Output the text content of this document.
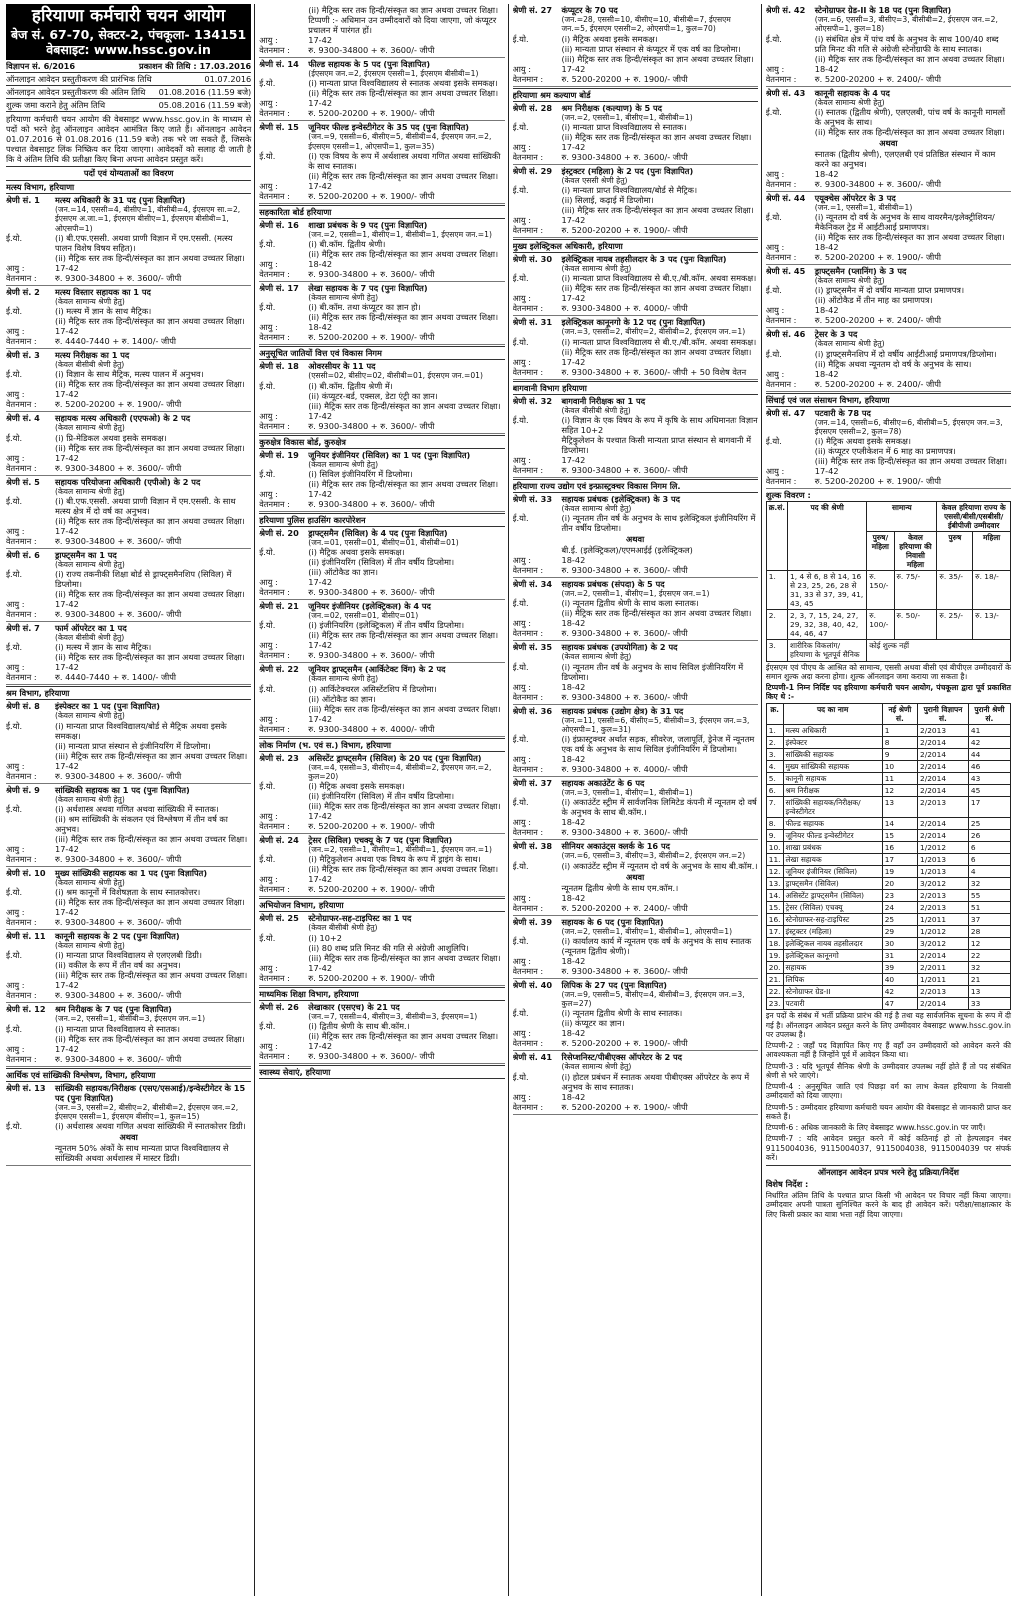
हरियाणा कर्मचारी चयन आयोग
बेज सं. 67-70, सेक्टर-2, पंचकूला- 134151
वेबसाइट: www.hssc.gov.in
विज्ञापन सं. 6/2016	प्रकाशन की तिथि : 17.03.2016
ऑनलाइन आवेदन प्रस्तुतीकरण की प्रारंभिक तिथि	01.07.2016
ऑनलाइन आवेदन प्रस्तुतीकरण की अंतिम तिथि 01.08.2016 (11.59 बजे)
शुल्क जमा कराने हेतु अंतिम तिथि	05.08.2016 (11.59 बजे)
हरियाणा कर्मचारी चयन आयोग की वेबसाइट www.hssc.gov.in के माध्यम से पदों को भरने हेतु ऑनलाइन आवेदन आमंत्रित किए जाते हैं। ऑनलाइन आवेदन 01.07.2016 से 01.08.2016 (11.59 बजे) तक भरे जा सकते हैं, जिसके पश्चात वेबसाइट लिंक निष्क्रिय कर दिया जाएगा। आवेदकों को सलाह दी जाती है कि वे अंतिम तिथि की प्रतीक्षा किए बिना अपना आवेदन प्रस्तुत करें।
पदों एवं योग्यताओं का विवरण
मत्स्य विभाग, हरियाणा
श्रेणी सं. 1	मत्स्य अधिकारी के 31 पद (पुनः विज्ञापित)
(जन.=14, एससी=4, बीसीए=1, बीसीबी=4, ईएसएम सा.=2, ईएसएम अ.जा.=1, ईएसएम बीसीए=1, ईएसएम बीसीबी=1, ओएसपी=1)
ई.यो.	(i) बी.एफ.एससी. अथवा प्राणी विज्ञान में एम.एससी. (मत्स्य पालन विशेष विषय सहित)।
(ii) मैट्रिक स्तर तक हिन्दी/संस्कृत का ज्ञान अथवा उच्चतर शिक्षा।
आयु :	17-42
वेतनमान :	रु. 9300-34800 + रु. 3600/- जीपी
श्रेणी सं. 2	मत्स्य विस्तार सहायक का 1 पद
(केवल सामान्य श्रेणी हेतु)
ई.यो.	(i) मत्स्य में ज्ञान के साथ मैट्रिक।
(ii) मैट्रिक स्तर तक हिन्दी/संस्कृत का ज्ञान अथवा उच्चतर शिक्षा।
आयु :	17-42
वेतनमान :	रु. 4440-7440 + रु. 1400/- जीपी
श्रेणी सं. 3	मत्स्य निरीक्षक का 1 पद
(केवल बीसीबी श्रेणी हेतु)
ई.यो.	(i) विज्ञान के साथ मैट्रिक, मत्स्य पालन में अनुभव।
(ii) मैट्रिक स्तर तक हिन्दी/संस्कृत का ज्ञान अथवा उच्चतर शिक्षा।
आयु :	17-42
वेतनमान :	रु. 5200-20200 + रु. 1900/- जीपी
श्रेणी सं. 4	सहायक मत्स्य अधिकारी (एएफओ) के 2 पद
(केवल सामान्य श्रेणी हेतु)
ई.यो.	(i) प्रि-मेडिकल अथवा इसके समकक्ष।
(ii) मैट्रिक स्तर तक हिन्दी/संस्कृत का ज्ञान अथवा उच्चतर शिक्षा।
आयु :	17-42
वेतनमान :	रु. 9300-34800 + रु. 3600/- जीपी
श्रेणी सं. 5	सहायक परियोजना अधिकारी (एपीओ) के 2 पद
(केवल सामान्य श्रेणी हेतु)
ई.यो.	(i) बी.एफ.एससी. अथवा प्राणी विज्ञान में एम.एससी. के साथ मत्स्य क्षेत्र में दो वर्ष का अनुभव।
(ii) मैट्रिक स्तर तक हिन्दी/संस्कृत का ज्ञान अथवा उच्चतर शिक्षा।
आयु :	17-42
वेतनमान :	रु. 9300-34800 + रु. 3600/- जीपी
श्रेणी सं. 6	ड्राफ्ट्समैन का 1 पद
(केवल सामान्य श्रेणी हेतु)
ई.यो.	(i) राज्य तकनीकी शिक्षा बोर्ड से ड्राफ्ट्समैनशिप (सिविल) में डिप्लोमा।
(ii) मैट्रिक स्तर तक हिन्दी/संस्कृत का ज्ञान अथवा उच्चतर शिक्षा।
आयु :	17-42
वेतनमान :	रु. 9300-34800 + रु. 3600/- जीपी
श्रेणी सं. 7	फार्म ऑपरेटर का 1 पद
(केवल बीसीबी श्रेणी हेतु)
ई.यो.	(i) मत्स्य में ज्ञान के साथ मैट्रिक।
(ii) मैट्रिक स्तर तक हिन्दी/संस्कृत का ज्ञान अथवा उच्चतर शिक्षा।
आयु :	17-42
वेतनमान :	रु. 4440-7440 + रु. 1400/- जीपी
श्रम विभाग, हरियाणा
श्रेणी सं. 8	इंस्पेक्टर का 1 पद (पुनः विज्ञापित)
(केवल सामान्य श्रेणी हेतु)
ई.यो.	(i) मान्यता प्राप्त विश्वविद्यालय/बोर्ड से मैट्रिक अथवा इसके समकक्ष।
(ii) मान्यता प्राप्त संस्थान से इंजीनियरिंग में डिप्लोमा।
(iii) मैट्रिक स्तर तक हिन्दी/संस्कृत का ज्ञान अथवा उच्चतर शिक्षा।
आयु :	17-42
वेतनमान :	रु. 9300-34800 + रु. 3600/- जीपी
श्रेणी सं. 9	सांख्यिकी सहायक का 1 पद (पुनः विज्ञापित)
(केवल सामान्य श्रेणी हेतु)
ई.यो.	(i) अर्थशास्त्र अथवा गणित अथवा सांख्यिकी में स्नातक।
(ii) श्रम सांख्यिकी के संकलन एवं विश्लेषण में तीन वर्ष का अनुभव।
(iii) मैट्रिक स्तर तक हिन्दी/संस्कृत का ज्ञान अथवा उच्चतर शिक्षा।
आयु :	17-42
वेतनमान :	रु. 9300-34800 + रु. 3600/- जीपी
श्रेणी सं. 10	मुख्य सांख्यिकी सहायक का 1 पद (पुनः विज्ञापित)
(केवल सामान्य श्रेणी हेतु)
ई.यो.	(i) श्रम कानूनों में विशेषज्ञता के साथ स्नातकोत्तर।
(ii) मैट्रिक स्तर तक हिन्दी/संस्कृत का ज्ञान अथवा उच्चतर शिक्षा।
आयु :	17-42
वेतनमान :	रु. 9300-34800 + रु. 3600/- जीपी
श्रेणी सं. 11	कानूनी सहायक के 2 पद (पुनः विज्ञापित)
(केवल सामान्य श्रेणी हेतु)
ई.यो.	(i) मान्यता प्राप्त विश्वविद्यालय से एलएलबी डिग्री।
(ii) वकील के रूप में तीन वर्ष का अनुभव।
(iii) मैट्रिक स्तर तक हिन्दी/संस्कृत का ज्ञान अथवा उच्चतर शिक्षा।
आयु :	17-42
वेतनमान :	रु. 9300-34800 + रु. 3600/- जीपी
श्रेणी सं. 12	श्रम निरीक्षक के 7 पद (पुनः विज्ञापित)
(जन.=2, एससी=1, बीसीबी=3, ईएसएम जन.=1)
ई.यो.	(i) मान्यता प्राप्त विश्वविद्यालय से स्नातक।
(ii) मैट्रिक स्तर तक हिन्दी/संस्कृत का ज्ञान अथवा उच्चतर शिक्षा।
आयु :	17-42
वेतनमान :	रु. 9300-34800 + रु. 3600/- जीपी
आर्थिक एवं सांख्यिकी विश्लेषण, विभाग, हरियाणा
श्रेणी सं. 13	सांख्यिकी सहायक/निरीक्षक (एसए/एसआई)/इन्वेस्टीगेटर के 15 पद (पुनः विज्ञापित)
(जन.=3, एससी=2, बीसीए=2, बीसीबी=2, ईएसएम जन.=2, ईएसएम एससी=1, ईएसएम बीसीए=1, कुल=15)
ई.यो.	(i) अर्थशास्त्र अथवा गणित अथवा सांख्यिकी में स्नातकोत्तर डिग्री।
अथवा
न्यूनतम 50% अंकों के साथ मान्यता प्राप्त विश्वविद्यालय से सांख्यिकी अथवा अर्थशास्त्र में मास्टर डिग्री।
(ii) मैट्रिक स्तर तक हिन्दी/संस्कृत का ज्ञान अथवा उच्चतर शिक्षा।
टिप्पणी :- अधिमान उन उम्मीदवारों को दिया जाएगा, जो कंप्यूटर प्रचालन में पारंगत हों।
आयु :	17-42
वेतनमान :	रु. 9300-34800 + रु. 3600/- जीपी
श्रेणी सं. 14	फील्ड सहायक के 5 पद (पुनः विज्ञापित)
(ईएसएम जन.=2, ईएसएम एससी=1, ईएसएम बीसीबी=1)
ई.यो.	(i) मान्यता प्राप्त विश्वविद्यालय से स्नातक अथवा इसके समकक्ष।
(ii) मैट्रिक स्तर तक हिन्दी/संस्कृत का ज्ञान अथवा उच्चतर शिक्षा।
आयु :	17-42
वेतनमान :	रु. 5200-20200 + रु. 1900/- जीपी
श्रेणी सं. 15	जूनियर फील्ड इन्वेस्टीगेटर के 35 पद (पुनः विज्ञापित)
(जन.=9, एससी=6, बीसीए=5, बीसीबी=4, ईएसएम जन.=2, ईएसएम एससी=1, ओएसपी=1, कुल=35)
ई.यो.	(i) एक विषय के रूप में अर्थशास्त्र अथवा गणित अथवा सांख्यिकी के साथ स्नातक।
(ii) मैट्रिक स्तर तक हिन्दी/संस्कृत का ज्ञान अथवा उच्चतर शिक्षा।
आयु :	17-42
वेतनमान :	रु. 5200-20200 + रु. 1900/- जीपी
सहकारिता बोर्ड हरियाणा
श्रेणी सं. 16	शाखा प्रबंधक के 9 पद (पुनः विज्ञापित)
(जन.=2, एससी=1, बीसीए=1, बीसीबी=1, ईएसएम जन.=1)
ई.यो.	(i) बी.कॉम. द्वितीय श्रेणी।
(ii) मैट्रिक स्तर तक हिन्दी/संस्कृत का ज्ञान अथवा उच्चतर शिक्षा।
आयु :	18-42
वेतनमान :	रु. 9300-34800 + रु. 3600/- जीपी
श्रेणी सं. 17	लेखा सहायक के 7 पद (पुनः विज्ञापित)
(केवल सामान्य श्रेणी हेतु)
ई.यो.	(i) बी.कॉम. तथा कंप्यूटर का ज्ञान हो।
(ii) मैट्रिक स्तर तक हिन्दी/संस्कृत का ज्ञान अथवा उच्चतर शिक्षा।
आयु :	18-42
वेतनमान :	रु. 5200-20200 + रु. 1900/- जीपी
अनुसूचित जातियों वित्त एवं विकास निगम
श्रेणी सं. 18	ओवरसीयर के 11 पद
(एससी=02, बीसीए=02, बीसीबी=01, ईएसएम जन.=01)
ई.यो.	(i) बी.कॉम. द्वितीय श्रेणी में।
(ii) कंप्यूटर-बर्ड, एक्सल, डेटा एंट्री का ज्ञान।
(iii) मैट्रिक स्तर तक हिन्दी/संस्कृत का ज्ञान अथवा उच्चतर शिक्षा।
आयु :	17-42
वेतनमान :	रु. 9300-34800 + रु. 3600/- जीपी
कुरुक्षेत्र विकास बोर्ड, कुरुक्षेत्र
श्रेणी सं. 19	जूनियर इंजीनियर (सिविल) का 1 पद (पुनः विज्ञापित)
(केवल सामान्य श्रेणी हेतु)
ई.यो.	(i) सिविल इंजीनियरिंग में डिप्लोमा।
(ii) मैट्रिक स्तर तक हिन्दी/संस्कृत का ज्ञान अथवा उच्चतर शिक्षा।
आयु :	17-42
वेतनमान :	रु. 9300-34800 + रु. 3600/- जीपी
हरियाणा पुलिस हाउसिंग कारपोरेशन
श्रेणी सं. 20	ड्राफ्ट्समैन (सिविल) के 4 पद (पुनः विज्ञापित)
(जन.=01, एससी=01, बीसीए=01, बीसीबी=01)
ई.यो.	(i) मैट्रिक अथवा इसके समकक्ष।
(ii) इंजीनियरिंग (सिविल) में तीन वर्षीय डिप्लोमा।
(iii) ऑटोकैड का ज्ञान।
आयु :	17-42
वेतनमान :	रु. 9300-34800 + रु. 3600/- जीपी
श्रेणी सं. 21	जूनियर इंजीनियर (इलेक्ट्रिकल) के 4 पद
(जन.=02, एससी=01, बीसीए=01)
ई.यो.	(i) इंजीनियरिंग (इलेक्ट्रिकल) में तीन वर्षीय डिप्लोमा।
(ii) मैट्रिक स्तर तक हिन्दी/संस्कृत का ज्ञान अथवा उच्चतर शिक्षा।
आयु :	17-42
वेतनमान :	रु. 9300-34800 + रु. 3600/- जीपी
श्रेणी सं. 22	जूनियर ड्राफ्ट्समैन (आर्किटेक्ट विंग) के 2 पद
(केवल सामान्य श्रेणी हेतु)
ई.यो.	(i) आर्किटेक्चरल असिस्टेंटशिप में डिप्लोमा।
(ii) ऑटोकैड का ज्ञान।
(iii) मैट्रिक स्तर तक हिन्दी/संस्कृत का ज्ञान अथवा उच्चतर शिक्षा।
आयु :	17-42
वेतनमान :	रु. 9300-34800 + रु. 4000/- जीपी
लोक निर्माण (भ. एवं स.) विभाग, हरियाणा
श्रेणी सं. 23	असिस्टेंट ड्राफ्ट्समैन (सिविल) के 20 पद (पुनः विज्ञापित)
(जन.=4, एससी=3, बीसीए=4, बीसीबी=2, ईएसएम जन.=2, कुल=20)
ई.यो.	(i) मैट्रिक अथवा इसके समकक्ष।
(ii) इंजीनियरिंग (सिविल) में तीन वर्षीय डिप्लोमा।
(iii) मैट्रिक स्तर तक हिन्दी/संस्कृत का ज्ञान अथवा उच्चतर शिक्षा।
आयु :	17-42
वेतनमान :	रु. 5200-20200 + रु. 1900/- जीपी
श्रेणी सं. 24	ट्रेसर (सिविल) एचक्यू के 7 पद (पुनः विज्ञापित)
(जन.=2, एससी=1, बीसीए=1, बीसीबी=1, ईएसएम जन.=1)
ई.यो.	(i) मैट्रिकुलेशन अथवा एक विषय के रूप में ड्राइंग के साथ।
(ii) मैट्रिक स्तर तक हिन्दी/संस्कृत का ज्ञान अथवा उच्चतर शिक्षा।
आयु :	17-42
वेतनमान :	रु. 5200-20200 + रु. 1900/- जीपी
अभियोजन विभाग, हरियाणा
श्रेणी सं. 25	स्टेनोग्राफर-सह-टाइपिस्ट का 1 पद
(केवल बीसीबी श्रेणी हेतु)
ई.यो.	(i) 10+2
(ii) 80 शब्द प्रति मिनट की गति से अंग्रेजी आशुलिपि।
(iii) मैट्रिक स्तर तक हिन्दी/संस्कृत का ज्ञान अथवा उच्चतर शिक्षा।
आयु :	17-42
वेतनमान :	रु. 5200-20200 + रु. 1900/- जीपी
माध्यमिक शिक्षा विभाग, हरियाणा
श्रेणी सं. 26	लेखाकार (एसएच) के 21 पद
(जन.=7, एससी=4, बीसीए=3, बीसीबी=3, ईएसएम=1)
ई.यो.	(i) द्वितीय श्रेणी के साथ बी.कॉम.।
(ii) मैट्रिक स्तर तक हिन्दी/संस्कृत का ज्ञान अथवा उच्चतर शिक्षा।
आयु :	17-42
वेतनमान :	रु. 9300-34800 + रु. 3600/- जीपी
स्वास्थ्य सेवाएं, हरियाणा
श्रेणी सं. 27	कंप्यूटर के 70 पद
(जन.=28, एससी=10, बीसीए=10, बीसीबी=7, ईएसएम जन.=5, ईएसएम एससी=2, ओएसपी=1, कुल=70)
ई.यो.	(i) मैट्रिक अथवा इसके समकक्ष।
(ii) मान्यता प्राप्त संस्थान से कंप्यूटर में एक वर्ष का डिप्लोमा।
(iii) मैट्रिक स्तर तक हिन्दी/संस्कृत का ज्ञान अथवा उच्चतर शिक्षा।
आयु :	17-42
वेतनमान :	रु. 5200-20200 + रु. 1900/- जीपी
हरियाणा श्रम कल्याण बोर्ड
श्रेणी सं. 28	श्रम निरीक्षक (कल्याण) के 5 पद
(जन.=2, एससी=1, बीसीए=1, बीसीबी=1)
ई.यो.	(i) मान्यता प्राप्त विश्वविद्यालय से स्नातक।
(ii) मैट्रिक स्तर तक हिन्दी/संस्कृत का ज्ञान अथवा उच्चतर शिक्षा।
आयु :	17-42
वेतनमान :	रु. 9300-34800 + रु. 3600/- जीपी
श्रेणी सं. 29	इंस्ट्रक्टर (महिला) के 2 पद (पुनः विज्ञापित)
(केवल एससी श्रेणी हेतु)
ई.यो.	(i) मान्यता प्राप्त विश्वविद्यालय/बोर्ड से मैट्रिक।
(ii) सिलाई, कढ़ाई में डिप्लोमा।
(iii) मैट्रिक स्तर तक हिन्दी/संस्कृत का ज्ञान अथवा उच्चतर शिक्षा।
आयु :	17-42
वेतनमान :	रु. 5200-20200 + रु. 1900/- जीपी
मुख्य इलेक्ट्रिकल अधिकारी, हरियाणा
श्रेणी सं. 30	इलेक्ट्रिकल नायब तहसीलदार के 3 पद (पुनः विज्ञापित)
(केवल सामान्य श्रेणी हेतु)
ई.यो.	(i) मान्यता प्राप्त विश्वविद्यालय से बी.ए./बी.कॉम. अथवा समकक्ष।
(ii) मैट्रिक स्तर तक हिन्दी/संस्कृत का ज्ञान अथवा उच्चतर शिक्षा।
आयु :	17-42
वेतनमान :	रु. 9300-34800 + रु. 4000/- जीपी
श्रेणी सं. 31	इलेक्ट्रिकल कानूनगो के 12 पद (पुनः विज्ञापित)
(जन.=3, एससी=2, बीसीए=2, बीसीबी=2, ईएसएम जन.=1)
ई.यो.	(i) मान्यता प्राप्त विश्वविद्यालय से बी.ए./बी.कॉम. अथवा समकक्ष।
(ii) मैट्रिक स्तर तक हिन्दी/संस्कृत का ज्ञान अथवा उच्चतर शिक्षा।
आयु :	17-42
वेतनमान :	रु. 9300-34800 + रु. 3600/- जीपी + 50 विशेष वेतन
बागवानी विभाग हरियाणा
श्रेणी सं. 32	बागवानी निरीक्षक का 1 पद
(केवल बीसीबी श्रेणी हेतु)
ई.यो.	(i) विज्ञान के एक विषय के रूप में कृषि के साथ अधिमानतः विज्ञान सहित 10+2
मैट्रिकुलेशन के पश्चात किसी मान्यता प्राप्त संस्थान से बागवानी में डिप्लोमा।
आयु :	17-42
वेतनमान :	रु. 9300-34800 + रु. 3600/- जीपी
हरियाणा राज्य उद्योग एवं इन्फ्रास्ट्रक्चर विकास निगम लि.
श्रेणी सं. 33	सहायक प्रबंधक (इलेक्ट्रिकल) के 3 पद
(केवल सामान्य श्रेणी हेतु)
ई.यो.	(i) न्यूनतम तीन वर्ष के अनुभव के साथ इलेक्ट्रिकल इंजीनियरिंग में तीन वर्षीय डिप्लोमा।
अथवा
बी.ई. (इलेक्ट्रिकल)/एएमआईई (इलेक्ट्रिकल)
आयु :	18-42
वेतनमान :	रु. 9300-34800 + रु. 3600/- जीपी
श्रेणी सं. 34	सहायक प्रबंधक (संपदा) के 5 पद
(जन.=2, एससी=1, बीसीए=1, ईएसएम जन.=1)
ई.यो.	(i) न्यूनतम द्वितीय श्रेणी के साथ कला स्नातक।
(ii) मैट्रिक स्तर तक हिन्दी/संस्कृत का ज्ञान अथवा उच्चतर शिक्षा।
आयु :	18-42
वेतनमान :	रु. 9300-34800 + रु. 3600/- जीपी
श्रेणी सं. 35	सहायक प्रबंधक (उपयोगिता) के 2 पद
(केवल सामान्य श्रेणी हेतु)
ई.यो.	(i) न्यूनतम तीन वर्ष के अनुभव के साथ सिविल इंजीनियरिंग में डिप्लोमा।
आयु :	18-42
वेतनमान :	रु. 9300-34800 + रु. 3600/- जीपी
श्रेणी सं. 36	सहायक प्रबंधक (उद्योग क्षेत्र) के 31 पद
(जन.=11, एससी=6, बीसीए=5, बीसीबी=3, ईएसएम जन.=3, ओएसपी=1, कुल=31)
ई.यो.	(i) इंफ्रास्ट्रक्चर अर्थात सड़क, सीवरेज, जलापूर्ति, ड्रेनेज में न्यूनतम एक वर्ष के अनुभव के साथ सिविल इंजीनियरिंग में डिप्लोमा।
आयु :	18-42
वेतनमान :	रु. 9300-34800 + रु. 4000/- जीपी
श्रेणी सं. 37	सहायक अकाउंटेंट के 6 पद
(जन.=3, एससी=1, बीसीए=1, बीसीबी=1)
ई.यो.	(i) अकाउंटेंट स्ट्रीम में सार्वजनिक लिमिटेड कंपनी में न्यूनतम दो वर्ष के अनुभव के साथ बी.कॉम.।
आयु :	18-42
वेतनमान :	रु. 9300-34800 + रु. 3600/- जीपी
श्रेणी सं. 38	सीनियर अकाउंट्स क्लर्क के 16 पद
(जन.=6, एससी=3, बीसीए=3, बीसीबी=2, ईएसएम जन.=2)
ई.यो.	(i) अकाउंटेंट स्ट्रीम में न्यूनतम दो वर्ष के अनुभव के साथ बी.कॉम.।
अथवा
न्यूनतम द्वितीय श्रेणी के साथ एम.कॉम.।
आयु :	18-42
वेतनमान :	रु. 5200-20200 + रु. 2400/- जीपी
श्रेणी सं. 39	सहायक के 6 पद (पुनः विज्ञापित)
(जन.=2, एससी=1, बीसीए=1, बीसीबी=1, ओएसपी=1)
ई.यो.	(i) कार्यालय कार्य में न्यूनतम एक वर्ष के अनुभव के साथ स्नातक (न्यूनतम द्वितीय श्रेणी)।
आयु :	18-42
वेतनमान :	रु. 9300-34800 + रु. 3600/- जीपी
श्रेणी सं. 40	लिपिक के 27 पद (पुनः विज्ञापित)
(जन.=9, एससी=5, बीसीए=4, बीसीबी=3, ईएसएम जन.=3, कुल=27)
ई.यो.	(i) न्यूनतम द्वितीय श्रेणी के साथ स्नातक।
(ii) कंप्यूटर का ज्ञान।
आयु :	18-42
वेतनमान :	रु. 5200-20200 + रु. 1900/- जीपी
श्रेणी सं. 41	रिसेप्शनिस्ट/पीबीएक्स ऑपरेटर के 2 पद
(केवल सामान्य श्रेणी हेतु)
ई.यो.	(i) होटल प्रबंधन में स्नातक अथवा पीबीएक्स ऑपरेटर के रूप में अनुभव के साथ स्नातक।
आयु :	18-42
वेतनमान :	रु. 5200-20200 + रु. 1900/- जीपी
श्रेणी सं. 42	स्टेनोग्राफर ग्रेड-II के 18 पद (पुनः विज्ञापित)
(जन.=6, एससी=3, बीसीए=3, बीसीबी=2, ईएसएम जन.=2, ओएसपी=1, कुल=18)
ई.यो.	(i) संबंधित क्षेत्र में पांच वर्ष के अनुभव के साथ 100/40 शब्द प्रति मिनट की गति से अंग्रेजी स्टेनोग्राफी के साथ स्नातक।
(ii) मैट्रिक स्तर तक हिन्दी/संस्कृत का ज्ञान अथवा उच्चतर शिक्षा।
आयु :	18-42
वेतनमान :	रु. 5200-20200 + रु. 2400/- जीपी
श्रेणी सं. 43	कानूनी सहायक के 4 पद
(केवल सामान्य श्रेणी हेतु)
ई.यो.	(i) स्नातक (द्वितीय श्रेणी), एलएलबी, पांच वर्ष के कानूनी मामलों के अनुभव के साथ।
(ii) मैट्रिक स्तर तक हिन्दी/संस्कृत का ज्ञान अथवा उच्चतर शिक्षा।
अथवा
स्नातक (द्वितीय श्रेणी), एलएलबी एवं प्रतिष्ठित संस्थान में काम करने का अनुभव।
आयु :	18-42
वेतनमान :	रु. 9300-34800 + रु. 3600/- जीपी
श्रेणी सं. 44	एयूक्चेस ऑपरेटर के 3 पद
(जन.=1, एससी=1, बीसीबी=1)
ई.यो.	(i) न्यूनतम दो वर्ष के अनुभव के साथ वायरमैन/इलेक्ट्रीशियन/मैकेनिकल ट्रेड में आईटीआई प्रमाणपत्र।
(ii) मैट्रिक स्तर तक हिन्दी/संस्कृत का ज्ञान अथवा उच्चतर शिक्षा।
आयु :	18-42
वेतनमान :	रु. 5200-20200 + रु. 1900/- जीपी
श्रेणी सं. 45	ड्राफ्ट्समैन (प्लानिंग) के 3 पद
(केवल सामान्य श्रेणी हेतु)
ई.यो.	(i) ड्राफ्ट्समैन में दो वर्षीय मान्यता प्राप्त प्रमाणपत्र।
(ii) ऑटोकैड में तीन माह का प्रमाणपत्र।
आयु :	18-42
वेतनमान :	रु. 5200-20200 + रु. 2400/- जीपी
श्रेणी सं. 46	ट्रेसर के 3 पद
(केवल सामान्य श्रेणी हेतु)
ई.यो.	(i) ड्राफ्ट्समैनशिप में दो वर्षीय आईटीआई प्रमाणपत्र/डिप्लोमा।
(ii) मैट्रिक अथवा न्यूनतम दो वर्ष के अनुभव के साथ।
आयु :	18-42
वेतनमान :	रु. 5200-20200 + रु. 2400/- जीपी
सिंचाई एवं जल संसाधन विभाग, हरियाणा
श्रेणी सं. 47	पटवारी के 78 पद
(जन.=14, एससी=6, बीसीए=6, बीसीबी=5, ईएसएम जन.=3, ईएसएम एससी=2, कुल=78)
ई.यो.	(i) मैट्रिक अथवा इसके समकक्ष।
(ii) कंप्यूटर एप्लीकेशन में 6 माह का प्रमाणपत्र।
(iii) मैट्रिक स्तर तक हिन्दी/संस्कृत का ज्ञान अथवा उच्चतर शिक्षा।
आयु :	17-42
वेतनमान :	रु. 5200-20200 + रु. 1900/- जीपी
शुल्क विवरण :
क्र.सं.	पद की श्रेणी	सामान्य		केवल हरियाणा राज्य के एससी/बीसी/एसबीसी/ईबीपीजी उम्मीदवार	
		पुरुष/महिला	केवल हरियाणा की निवासी महिला	पुरुष	महिला
1.	1, 4 से 6, 8 से 14, 16 से 23, 25, 26, 28 से 31, 33 से 37, 39, 41, 43, 45	रु. 150/-	रु. 75/-	रु. 35/-	रु. 18/-
2.	2, 3, 7, 15, 24, 27, 29, 32, 38, 40, 42, 44, 46, 47	रु. 100/-	रु. 50/-	रु. 25/-	रु. 13/-
3.	शारीरिक विकलांग/ हरियाणा के भूतपूर्व सैनिक	कोई शुल्क नहीं			
ईएसएम एवं पीएच के आश्रित को सामान्य, एससी अथवा बीसी एवं बीपीएल उम्मीदवारों के समान शुल्क अदा करना होगा। शुल्क ऑनलाइन जमा कराया जा सकता है।
टिप्पणी-1 निम्न निर्दिष्ट पद हरियाणा कर्मचारी चयन आयोग, पंचकूला द्वारा पूर्व प्रकाशित किए थे :-
क्र.	पद का नाम	नई श्रेणी सं.	पुरानी विज्ञापन सं.	पुरानी श्रेणी सं.
1.	मत्स्य अधिकारी	1	2/2013	41
2.	इंस्पेक्टर	8	2/2014	42
3.	सांख्यिकी सहायक	9	2/2014	44
4.	मुख्य सांख्यिकी सहायक	10	2/2014	46
5.	कानूनी सहायक	11	2/2014	43
6.	श्रम निरीक्षक	12	2/2014	45
7.	सांख्यिकी सहायक/निरीक्षक/इन्वेस्टीगेटर	13	2/2013	17
8.	फील्ड सहायक	14	2/2014	25
9.	जूनियर फील्ड इन्वेस्टीगेटर	15	2/2014	26
10.	शाखा प्रबंधक	16	1/2012	6
11.	लेखा सहायक	17	1/2013	6
12.	जूनियर इंजीनियर (सिविल)	19	1/2013	4
13.	ड्राफ्ट्समैन (सिविल)	20	3/2012	32
14.	असिस्टेंट ड्राफ्ट्समैन (सिविल)	23	2/2013	55
15.	ट्रेसर (सिविल) एचक्यू	24	2/2013	51
16.	स्टेनोग्राफर-सह-टाइपिस्ट	25	1/2011	37
17.	इंस्ट्रक्टर (महिला)	29	1/2012	28
18.	इलेक्ट्रिकल नायब तहसीलदार	30	3/2012	12
19.	इलेक्ट्रिकल कानूनगो	31	2/2014	22
20.	सहायक	39	2/2011	32
21.	लिपिक	40	1/2011	21
22.	स्टेनोग्राफर ग्रेड-II	42	2/2013	13
23.	पटवारी	47	2/2014	33
इन पदों के संबंध में भर्ती प्रक्रिया प्रारंभ की गई है तथा यह सार्वजनिक सूचना के रूप में दी गई है। ऑनलाइन आवेदन प्रस्तुत करने के लिए उम्मीदवार वेबसाइट www.hssc.gov.in पर उपलब्ध है।
टिप्पणी-2 : जहाँ पद विज्ञापित किए गए हैं वहाँ उन उम्मीदवारों को आवेदन करने की आवश्यकता नहीं है जिन्होंने पूर्व में आवेदन किया था।
टिप्पणी-3 : यदि भूतपूर्व सैनिक श्रेणी के उम्मीदवार उपलब्ध नहीं होते हैं तो पद संबंधित श्रेणी से भरे जाएंगे।
टिप्पणी-4 : अनुसूचित जाति एवं पिछड़ा वर्ग का लाभ केवल हरियाणा के निवासी उम्मीदवारों को दिया जाएगा।
टिप्पणी-5 : उम्मीदवार हरियाणा कर्मचारी चयन आयोग की वेबसाइट से जानकारी प्राप्त कर सकते हैं।
टिप्पणी-6 : अधिक जानकारी के लिए वेबसाइट www.hssc.gov.in पर जाएँ।
टिप्पणी-7 : यदि आवेदन प्रस्तुत करने में कोई कठिनाई हो तो हेल्पलाइन नंबर 9115004036, 9115004037, 9115004038, 9115004039 पर संपर्क करें।
ऑनलाइन आवेदन प्रपत्र भरने हेतु प्रक्रिया/निर्देश
विशेष निर्देश :
निर्धारित अंतिम तिथि के पश्चात प्राप्त किसी भी आवेदन पर विचार नहीं किया जाएगा। उम्मीदवार अपनी पात्रता सुनिश्चित करने के बाद ही आवेदन करें। परीक्षा/साक्षात्कार के लिए किसी प्रकार का यात्रा भत्ता नहीं दिया जाएगा।
